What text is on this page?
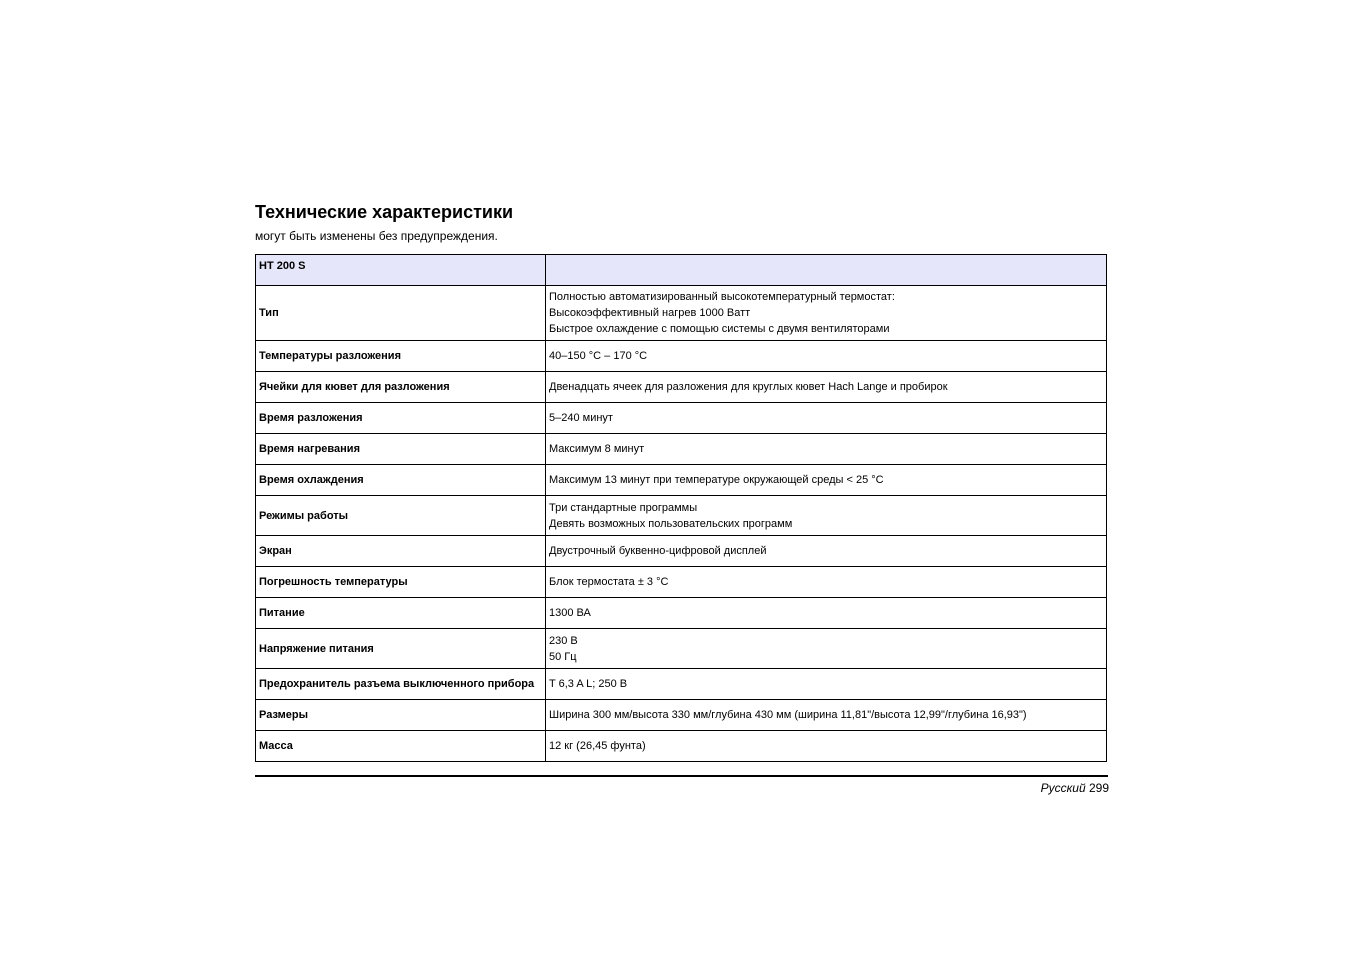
Технические характеристики
могут быть изменены без предупреждения.
HT 200 S	
Тип	Полностью автоматизированный высокотемпературный термостат:
Высокоэффективный нагрев 1000 Ватт
Быстрое охлаждение с помощью системы с двумя вентиляторами

Температуры разложения	40–150 °C – 170 °C

Ячейки для кювет для разложения	Двенадцать ячеек для разложения для круглых кювет Hach Lange и пробирок

Время разложения	5–240 минут

Время нагревания	Максимум 8 минут

Время охлаждения	Максимум 13 минут при температуре окружающей среды < 25 °C

Режимы работы	Три стандартные программы
Девять возможных пользовательских программ

Экран	Двустрочный буквенно-цифровой дисплей

Погрешность температуры	Блок термостата ± 3 °C

Питание	1300 ВА

Напряжение питания	230 В
50 Гц

Предохранитель разъема выключенного прибора	T 6,3 A L; 250 В

Размеры	Ширина 300 мм/высота 330 мм/глубина 430 мм (ширина 11,81"/высота 12,99"/глубина 16,93")

Масса	12 кг (26,45 фунта)
Русский 299
